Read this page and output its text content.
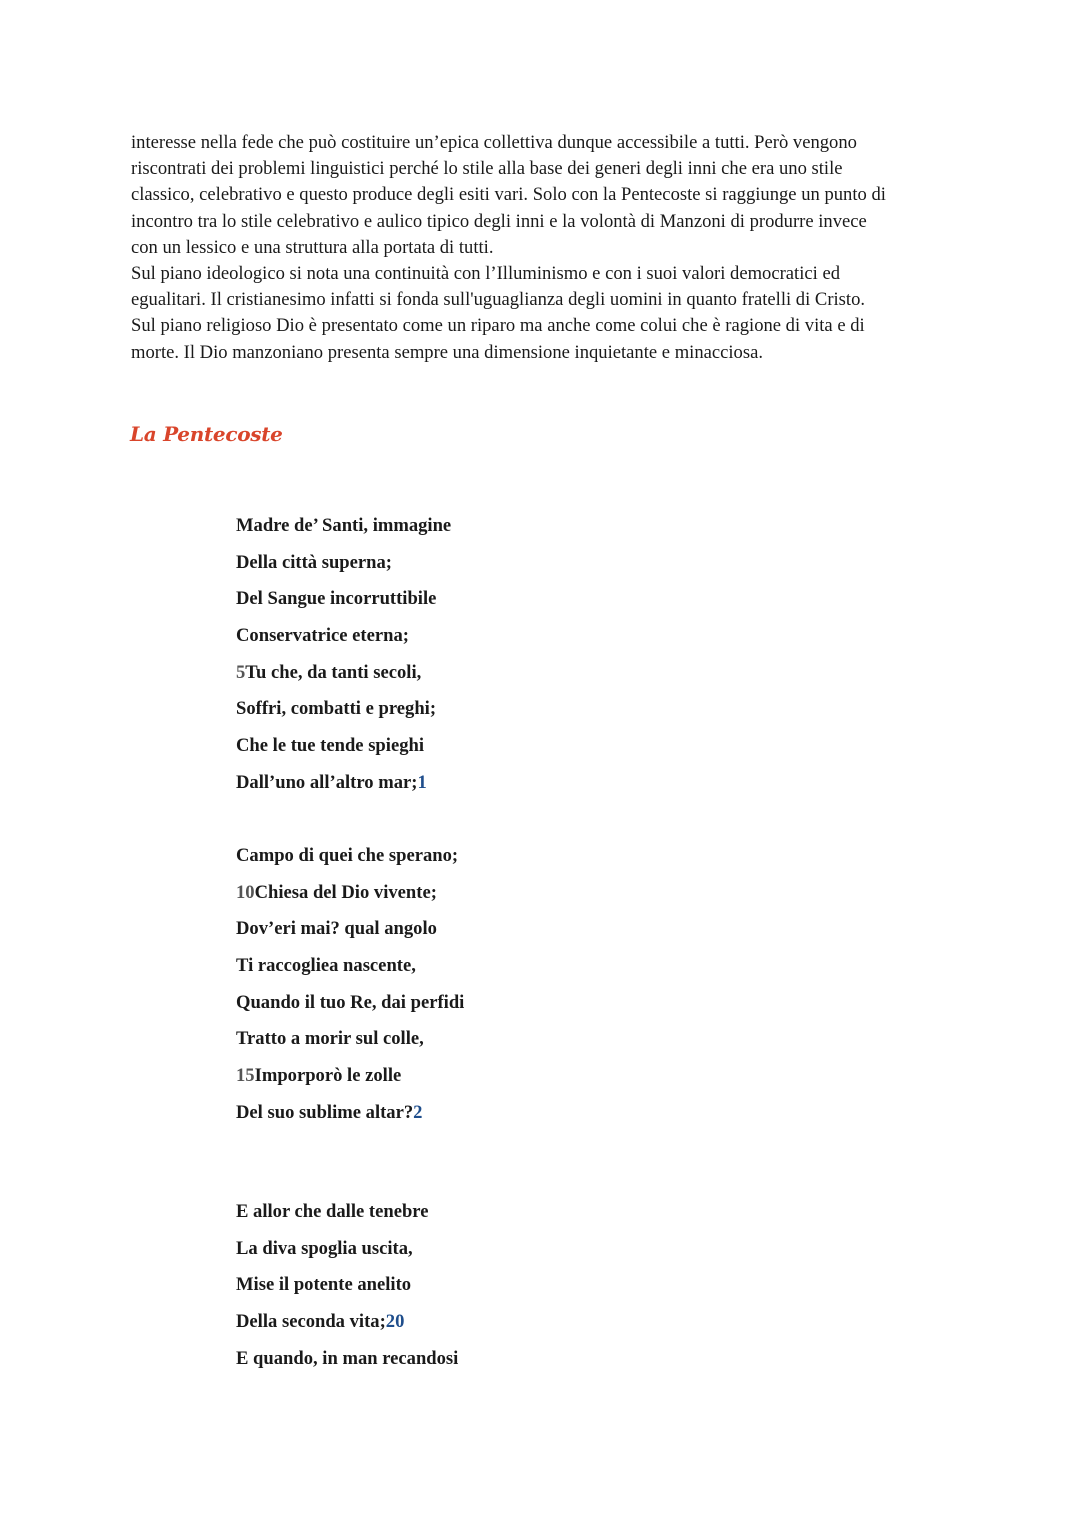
interesse nella fede che può costituire un’epica collettiva dunque accessibile a tutti. Però vengono

riscontrati dei problemi linguistici perché lo stile alla base dei generi degli inni che era uno stile

classico, celebrativo e questo produce degli esiti vari. Solo con la Pentecoste si raggiunge un punto di

incontro tra lo stile celebrativo e aulico tipico degli inni e la volontà di Manzoni di produrre invece

con un lessico e una struttura alla portata di tutti.

Sul piano ideologico si nota una continuità con l’Illuminismo e con i suoi valori democratici ed

egualitari. Il cristianesimo infatti si fonda sull'uguaglianza degli uomini in quanto fratelli di Cristo.

Sul piano religioso Dio è presentato come un riparo ma anche come colui che è ragione di vita e di

morte. Il Dio manzoniano presenta sempre una dimensione inquietante e minacciosa.

La Pentecoste
Madre de’ Santi, immagine
Della città superna;
Del Sangue incorruttibile
Conservatrice eterna;
5Tu che, da tanti secoli,
Soffri, combatti e preghi;
Che le tue tende spieghi
Dall’uno all’altro mar;1
Campo di quei che sperano;
10Chiesa del Dio vivente;
Dov’eri mai? qual angolo
Ti raccogliea nascente,
Quando il tuo Re, dai perfidi
Tratto a morir sul colle,
15Imporporò le zolle
Del suo sublime altar?2
E allor che dalle tenebre
La diva spoglia uscita,
Mise il potente anelito
Della seconda vita;20
E quando, in man recandosi
